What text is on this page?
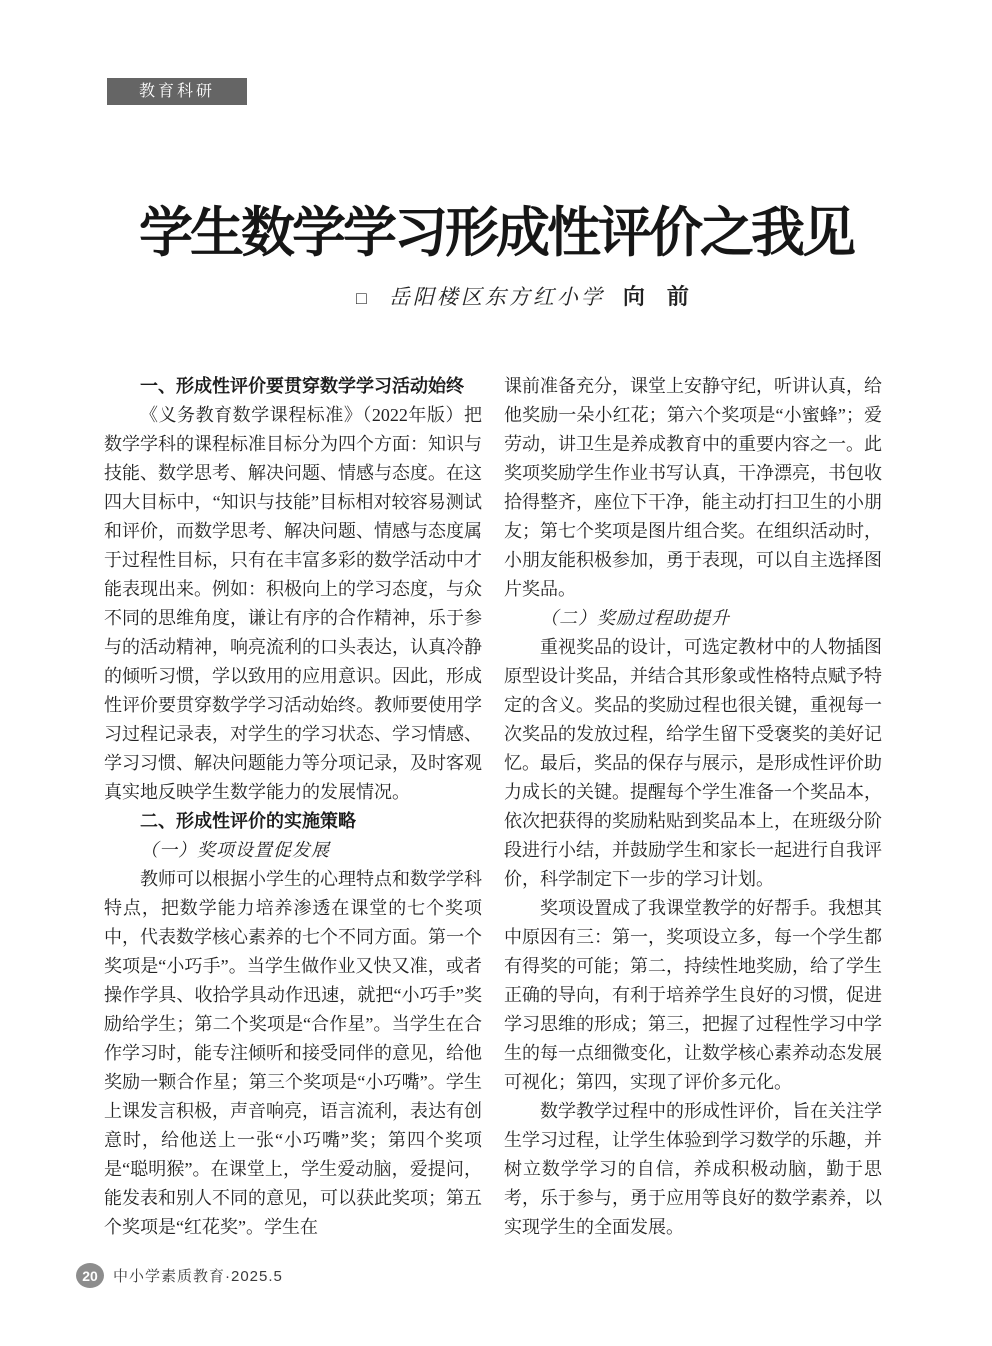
教育科研
学生数学学习形成性评价之我见
□ 岳阳楼区东方红小学 向　前
一、形成性评价要贯穿数学学习活动始终
《义务教育数学课程标准》（2022年版）把数学学科的课程标准目标分为四个方面：知识与技能、数学思考、解决问题、情感与态度。在这四大目标中，“知识与技能”目标相对较容易测试和评价，而数学思考、解决问题、情感与态度属于过程性目标，只有在丰富多彩的数学活动中才能表现出来。例如：积极向上的学习态度，与众不同的思维角度，谦让有序的合作精神，乐于参与的活动精神，响亮流利的口头表达，认真冷静的倾听习惯，学以致用的应用意识。因此，形成性评价要贯穿数学学习活动始终。教师要使用学习过程记录表，对学生的学习状态、学习情感、学习习惯、解决问题能力等分项记录，及时客观真实地反映学生数学能力的发展情况。
二、形成性评价的实施策略
（一）奖项设置促发展
教师可以根据小学生的心理特点和数学学科特点，把数学能力培养渗透在课堂的七个奖项中，代表数学核心素养的七个不同方面。第一个奖项是“小巧手”。当学生做作业又快又准，或者操作学具、收拾学具动作迅速，就把“小巧手”奖励给学生；第二个奖项是“合作星”。当学生在合作学习时，能专注倾听和接受同伴的意见，给他奖励一颗合作星；第三个奖项是“小巧嘴”。学生上课发言积极，声音响亮，语言流利，表达有创意时，给他送上一张“小巧嘴”奖；第四个奖项是“聪明猴”。在课堂上，学生爱动脑，爱提问，能发表和别人不同的意见，可以获此奖项；第五个奖项是“红花奖”。学生在
课前准备充分，课堂上安静守纪，听讲认真，给他奖励一朵小红花；第六个奖项是“小蜜蜂”；爱劳动，讲卫生是养成教育中的重要内容之一。此奖项奖励学生作业书写认真，干净漂亮，书包收拾得整齐，座位下干净，能主动打扫卫生的小朋友；第七个奖项是图片组合奖。在组织活动时，小朋友能积极参加，勇于表现，可以自主选择图片奖品。
（二）奖励过程助提升
重视奖品的设计，可选定教材中的人物插图原型设计奖品，并结合其形象或性格特点赋予特定的含义。奖品的奖励过程也很关键，重视每一次奖品的发放过程，给学生留下受褒奖的美好记忆。最后，奖品的保存与展示，是形成性评价助力成长的关键。提醒每个学生准备一个奖品本，依次把获得的奖励粘贴到奖品本上，在班级分阶段进行小结，并鼓励学生和家长一起进行自我评价，科学制定下一步的学习计划。
奖项设置成了我课堂教学的好帮手。我想其中原因有三：第一，奖项设立多，每一个学生都有得奖的可能；第二，持续性地奖励，给了学生正确的导向，有利于培养学生良好的习惯，促进学习思维的形成；第三，把握了过程性学习中学生的每一点细微变化，让数学核心素养动态发展可视化；第四，实现了评价多元化。
数学教学过程中的形成性评价，旨在关注学生学习过程，让学生体验到学习数学的乐趣，并树立数学学习的自信，养成积极动脑，勤于思考，乐于参与，勇于应用等良好的数学素养，以实现学生的全面发展。
20	中小学素质教育·2025.5
